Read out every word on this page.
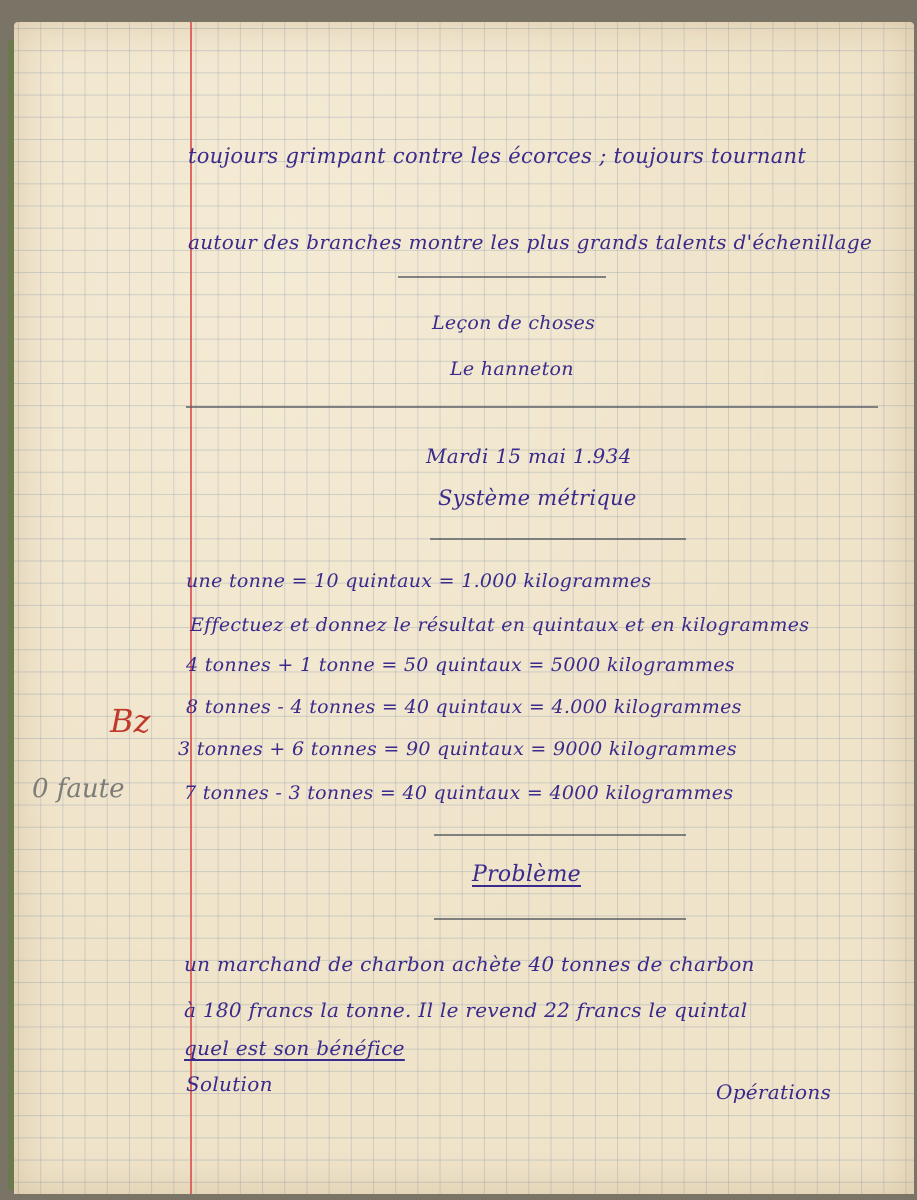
toujours grimpant contre les écorces ; toujours tournant
autour des branches montre les plus grands talents d'échenillage
Leçon de choses
Le hanneton
Mardi 15 mai 1.934
Système métrique
une tonne = 10 quintaux = 1.000 kilogrammes
Effectuez et donnez le résultat en quintaux et en kilogrammes
4 tonnes + 1 tonne = 50 quintaux = 5000 kilogrammes
8 tonnes - 4 tonnes = 40 quintaux = 4.000 kilogrammes
3 tonnes + 6 tonnes = 90 quintaux = 9000 kilogrammes
7 tonnes - 3 tonnes = 40 quintaux = 4000 kilogrammes
Bz
0 faute
Problème
un marchand de charbon achète 40 tonnes de charbon
à 180 francs la tonne. Il le revend 22 francs le quintal
quel est son bénéfice
Solution	Opérations
